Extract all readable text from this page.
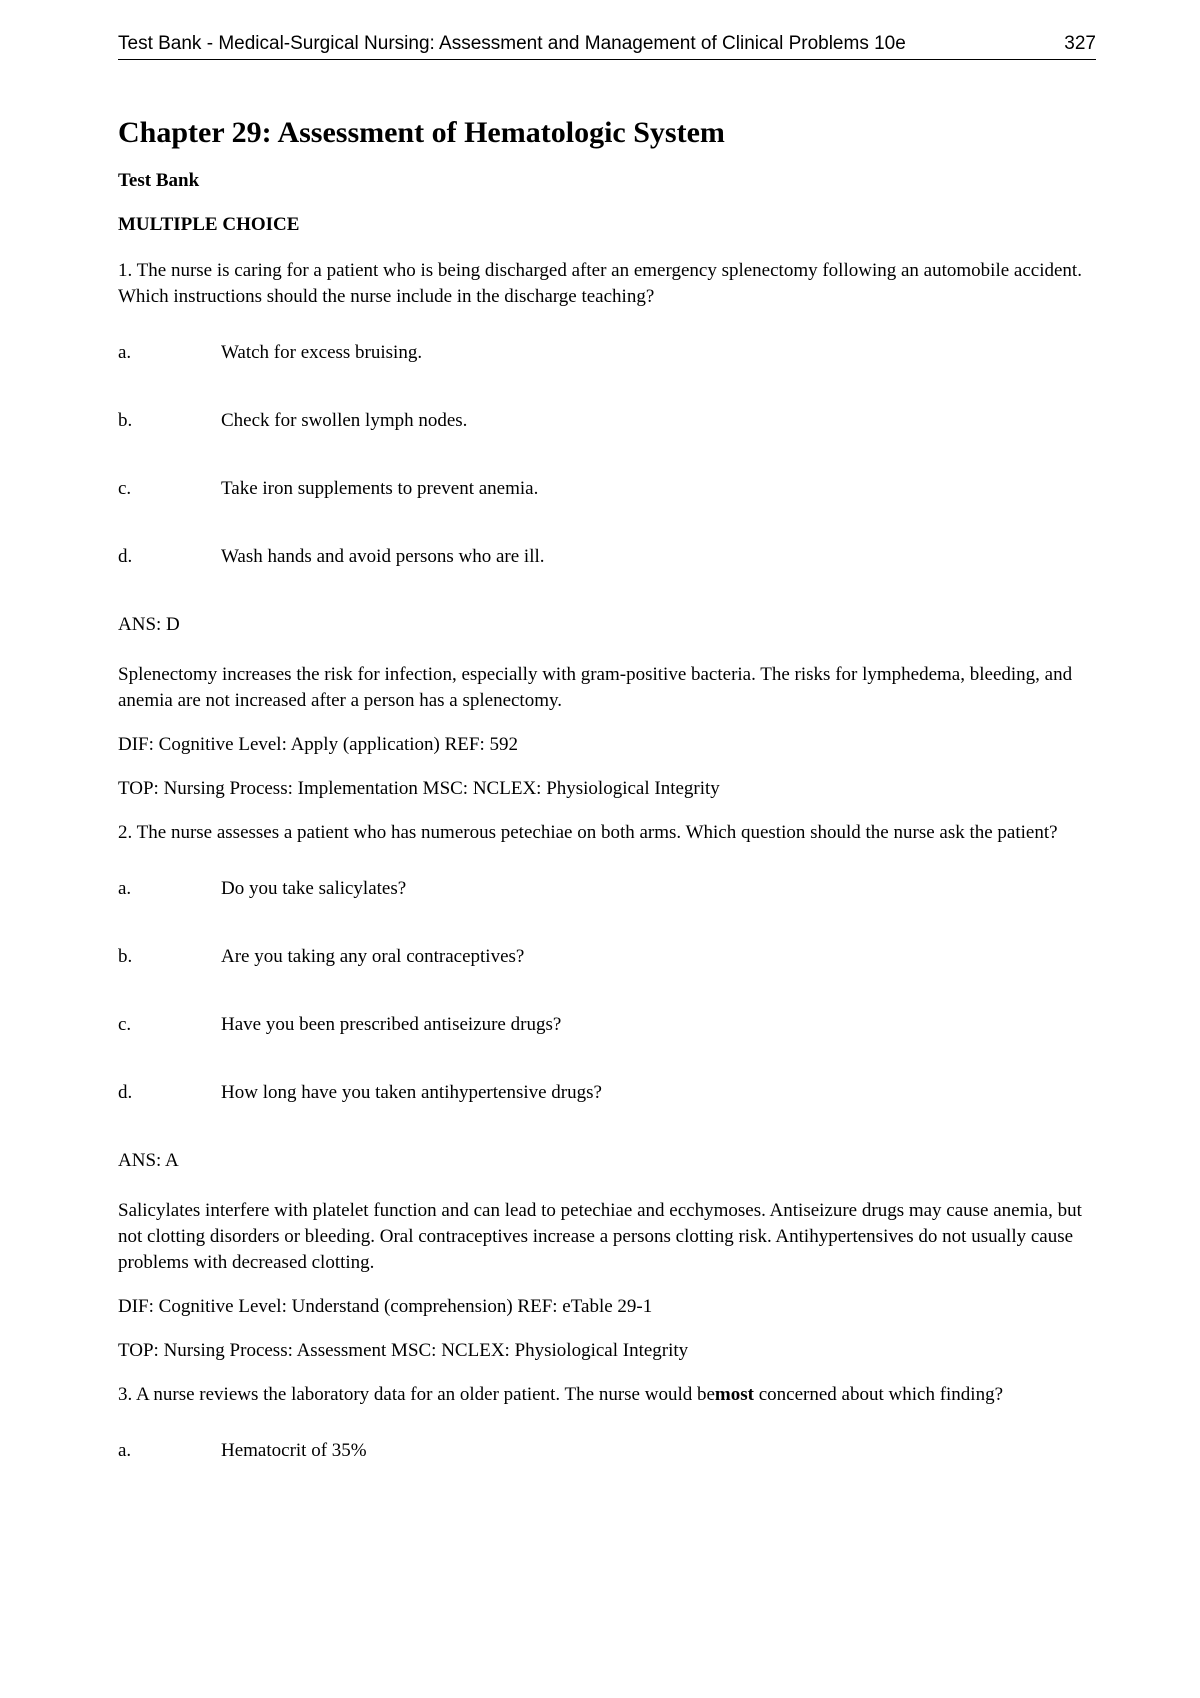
Test Bank - Medical-Surgical Nursing: Assessment and Management of Clinical Problems 10e	327
Chapter 29: Assessment of Hematologic System
Test Bank
MULTIPLE CHOICE
1. The nurse is caring for a patient who is being discharged after an emergency splenectomy following an automobile accident. Which instructions should the nurse include in the discharge teaching?
a.	Watch for excess bruising.
b.	Check for swollen lymph nodes.
c.	Take iron supplements to prevent anemia.
d.	Wash hands and avoid persons who are ill.
ANS: D
Splenectomy increases the risk for infection, especially with gram-positive bacteria. The risks for lymphedema, bleeding, and anemia are not increased after a person has a splenectomy.
DIF: Cognitive Level: Apply (application) REF: 592
TOP: Nursing Process: Implementation MSC: NCLEX: Physiological Integrity
2. The nurse assesses a patient who has numerous petechiae on both arms. Which question should the nurse ask the patient?
a.	Do you take salicylates?
b.	Are you taking any oral contraceptives?
c.	Have you been prescribed antiseizure drugs?
d.	How long have you taken antihypertensive drugs?
ANS: A
Salicylates interfere with platelet function and can lead to petechiae and ecchymoses. Antiseizure drugs may cause anemia, but not clotting disorders or bleeding. Oral contraceptives increase a persons clotting risk. Antihypertensives do not usually cause problems with decreased clotting.
DIF: Cognitive Level: Understand (comprehension) REF: eTable 29-1
TOP: Nursing Process: Assessment MSC: NCLEX: Physiological Integrity
3. A nurse reviews the laboratory data for an older patient. The nurse would bemost concerned about which finding?
a.	Hematocrit of 35%
